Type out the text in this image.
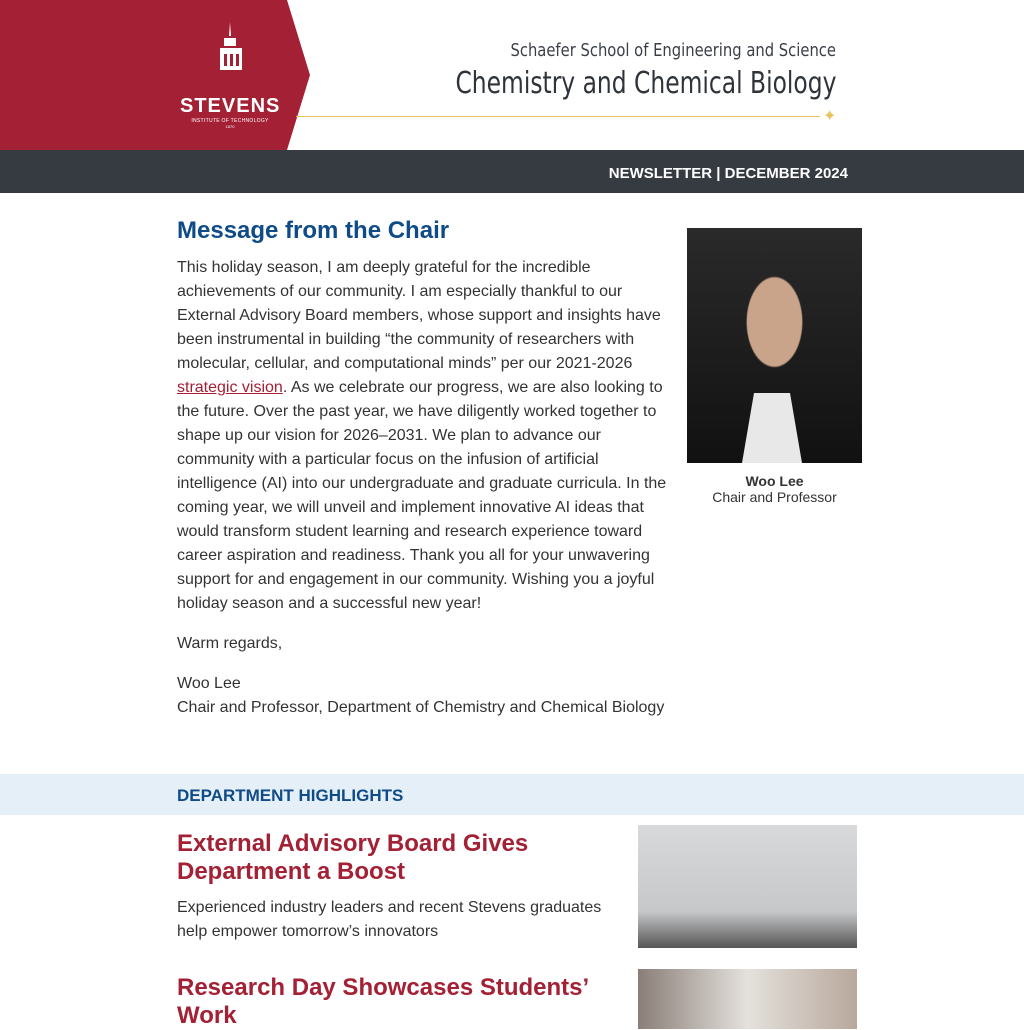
STEVENS
INSTITUTE OF TECHNOLOGY
1870
Schaefer School of Engineering and Science
Chemistry and Chemical Biology
✦
NEWSLETTER | DECEMBER 2024
Message from the Chair

This holiday season, I am deeply grateful for the incredible achievements of our community. I am especially thankful to our External Advisory Board members, whose support and insights have been instrumental in building “the community of researchers with molecular, cellular, and computational minds” per our 2021-2026 strategic vision. As we celebrate our progress, we are also looking to the future. Over the past year, we have diligently worked together to shape up our vision for 2026–2031. We plan to advance our community with a particular focus on the infusion of artificial intelligence (AI) into our undergraduate and graduate curricula. In the coming year, we will unveil and implement innovative AI ideas that would transform student learning and research experience toward career aspiration and readiness. Thank you all for your unwavering support for and engagement in our community. Wishing you a joyful holiday season and a successful new year!

Warm regards,

Woo Lee
Chair and Professor, Department of Chemistry and Chemical Biology

Woo Lee
Chair and Professor
DEPARTMENT HIGHLIGHTS
External Advisory Board Gives Department a Boost

Experienced industry leaders and recent Stevens graduates help empower tomorrow’s innovators

Research Day Showcases Students’ Work
